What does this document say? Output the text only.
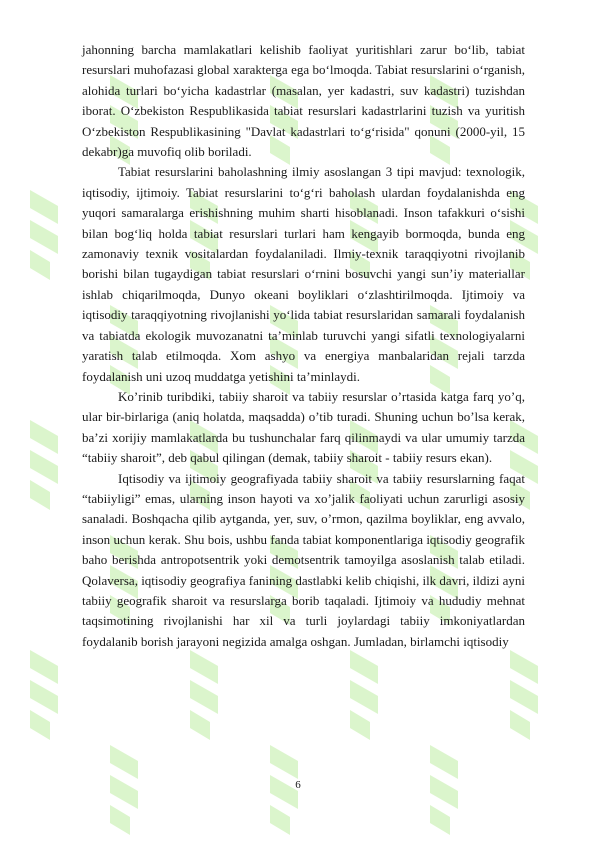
jahonning barcha mamlakatlari kelishib faoliyat yuritishlari zarur bo‘lib, tabiat resurslari muhofazasi global xarakterga ega bo‘lmoqda. Tabiat resurslarini o‘rganish, alohida turlari bo‘yicha kadastrlar (masalan, yer kadastri, suv kadastri) tuzishdan iborat. O‘zbekiston Respublikasida tabiat resurslari kadastrlarini tuzish va yuritish O‘zbekiston Respublikasining "Davlat kadastrlari to‘g‘risida" qonuni (2000-yil, 15 dekabr)ga muvofiq olib boriladi.

Tabiat resurslarini baholashning ilmiy asoslangan 3 tipi mavjud: texnologik, iqtisodiy, ijtimoiy. Tabiat resurslarini to‘g‘ri baholash ulardan foydalanishda eng yuqori samaralarga erishishning muhim sharti hisoblanadi. Inson tafakkuri o‘sishi bilan bog‘liq holda tabiat resurslari turlari ham kengayib bormoqda, bunda eng zamonaviy texnik vositalardan foydalaniladi. Ilmiy-texnik taraqqiyotni rivojlanib borishi bilan tugaydigan tabiat resurslari o‘rnini bosuvchi yangi sun’iy materiallar ishlab chiqarilmoqda, Dunyo okeani boyliklari o‘zlashtirilmoqda. Ijtimoiy va iqtisodiy taraqqiyotning rivojlanishi yo‘lida tabiat resurslaridan samarali foydalanish va tabiatda ekologik muvozanatni ta’minlab turuvchi yangi sifatli texnologiyalarni yaratish talab etilmoqda. Xom ashyo va energiya manbalaridan rejali tarzda foydalanish uni uzoq muddatga yetishini ta’minlaydi.

Ko’rinib turibdiki, tabiiy sharoit va tabiiy resurslar o’rtasida katga farq yo’q, ular bir-birlariga (aniq holatda, maqsadda) o’tib turadi. Shuning uchun bo’lsa kerak, ba’zi xorijiy mamlakatlarda bu tushunchalar farq qilinmaydi va ular umumiy tarzda “tabiiy sharoit”, deb qabul qilingan (demak, tabiiy sharoit - tabiiy resurs ekan).

Iqtisodiy va ijtimoiy geografiyada tabiiy sharoit va tabiiy resurslarning faqat “tabiiyligi” emas, ularning inson hayoti va xo’jalik faoliyati uchun zarurligi asosiy sanaladi. Boshqacha qilib aytganda, yer, suv, o’rmon, qazilma boyliklar, eng avvalo, inson uchun kerak. Shu bois, ushbu fanda tabiat komponentlariga iqtisodiy geografik baho berishda antropotsentrik yoki demotsentrik tamoyilga asoslanish talab etiladi. Qolaversa, iqtisodiy geografiya fanining dastlabki kelib chiqishi, ilk davri, ildizi ayni tabiiy geografik sharoit va resurslarga borib taqaladi. Ijtimoiy va hududiy mehnat taqsimotining rivojlanishi har xil va turli joylardagi tabiiy imkoniyatlardan foydalanib borish jarayoni negizida amalga oshgan. Jumladan, birlamchi iqtisodiy

6
